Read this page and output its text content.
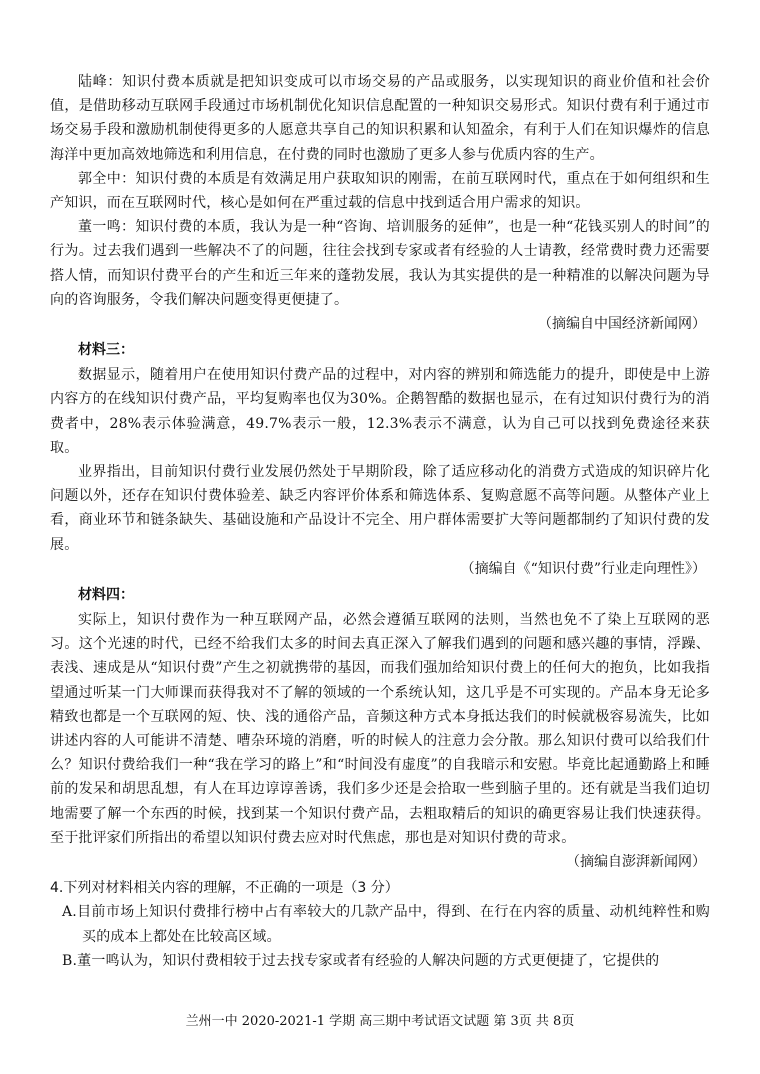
陆峰：知识付费本质就是把知识变成可以市场交易的产品或服务，以实现知识的商业价值和社会价值，是借助移动互联网手段通过市场机制优化知识信息配置的一种知识交易形式。知识付费有利于通过市场交易手段和激励机制使得更多的人愿意共享自己的知识积累和认知盈余，有利于人们在知识爆炸的信息海洋中更加高效地筛选和利用信息，在付费的同时也激励了更多人参与优质内容的生产。

郭全中：知识付费的本质是有效满足用户获取知识的刚需，在前互联网时代，重点在于如何组织和生产知识，而在互联网时代，核心是如何在严重过载的信息中找到适合用户需求的知识。

董一鸣：知识付费的本质，我认为是一种“咨询、培训服务的延伸”，也是一种“花钱买别人的时间”的行为。过去我们遇到一些解决不了的问题，往往会找到专家或者有经验的人士请教，经常费时费力还需要搭人情，而知识付费平台的产生和近三年来的蓬勃发展，我认为其实提供的是一种精准的以解决问题为导向的咨询服务，令我们解决问题变得更便捷了。

（摘编自中国经济新闻网）

材料三：

数据显示，随着用户在使用知识付费产品的过程中，对内容的辨别和筛选能力的提升，即使是中上游内容方的在线知识付费产品，平均复购率也仅为30%。企鹅智酷的数据也显示，在有过知识付费行为的消费者中，28%表示体验满意，49.7%表示一般，12.3%表示不满意，认为自己可以找到免费途径来获取。

业界指出，目前知识付费行业发展仍然处于早期阶段，除了适应移动化的消费方式造成的知识碎片化问题以外，还存在知识付费体验差、缺乏内容评价体系和筛选体系、复购意愿不高等问题。从整体产业上看，商业环节和链条缺失、基础设施和产品设计不完全、用户群体需要扩大等问题都制约了知识付费的发展。

（摘编自《“知识付费”行业走向理性》）

材料四：

实际上，知识付费作为一种互联网产品，必然会遵循互联网的法则，当然也免不了染上互联网的恶习。这个光速的时代，已经不给我们太多的时间去真正深入了解我们遇到的问题和感兴趣的事情，浮躁、表浅、速成是从“知识付费”产生之初就携带的基因，而我们强加给知识付费上的任何大的抱负，比如我指望通过听某一门大师课而获得我对不了解的领域的一个系统认知，这几乎是不可实现的。产品本身无论多精致也都是一个互联网的短、快、浅的通俗产品，音频这种方式本身抵达我们的时候就极容易流失，比如讲述内容的人可能讲不清楚、嘈杂环境的消磨，听的时候人的注意力会分散。那么知识付费可以给我们什么？知识付费给我们一种“我在学习的路上”和“时间没有虚度”的自我暗示和安慰。毕竟比起通勤路上和睡前的发呆和胡思乱想，有人在耳边谆谆善诱，我们多少还是会拾取一些到脑子里的。还有就是当我们迫切地需要了解一个东西的时候，找到某一个知识付费产品，去粗取精后的知识的确更容易让我们快速获得。至于批评家们所指出的希望以知识付费去应对时代焦虑，那也是对知识付费的苛求。

（摘编自澎湃新闻网）

4.下列对材料相关内容的理解，不正确的一项是（3 分）

A.目前市场上知识付费排行榜中占有率较大的几款产品中，得到、在行在内容的质量、动机纯粹性和购买的成本上都处在比较高区域。

B.董一鸣认为，知识付费相较于过去找专家或者有经验的人解决问题的方式更便捷了，它提供的

兰州一中 2020-2021-1 学期 高三期中考试语文试题 第 3页 共 8页
